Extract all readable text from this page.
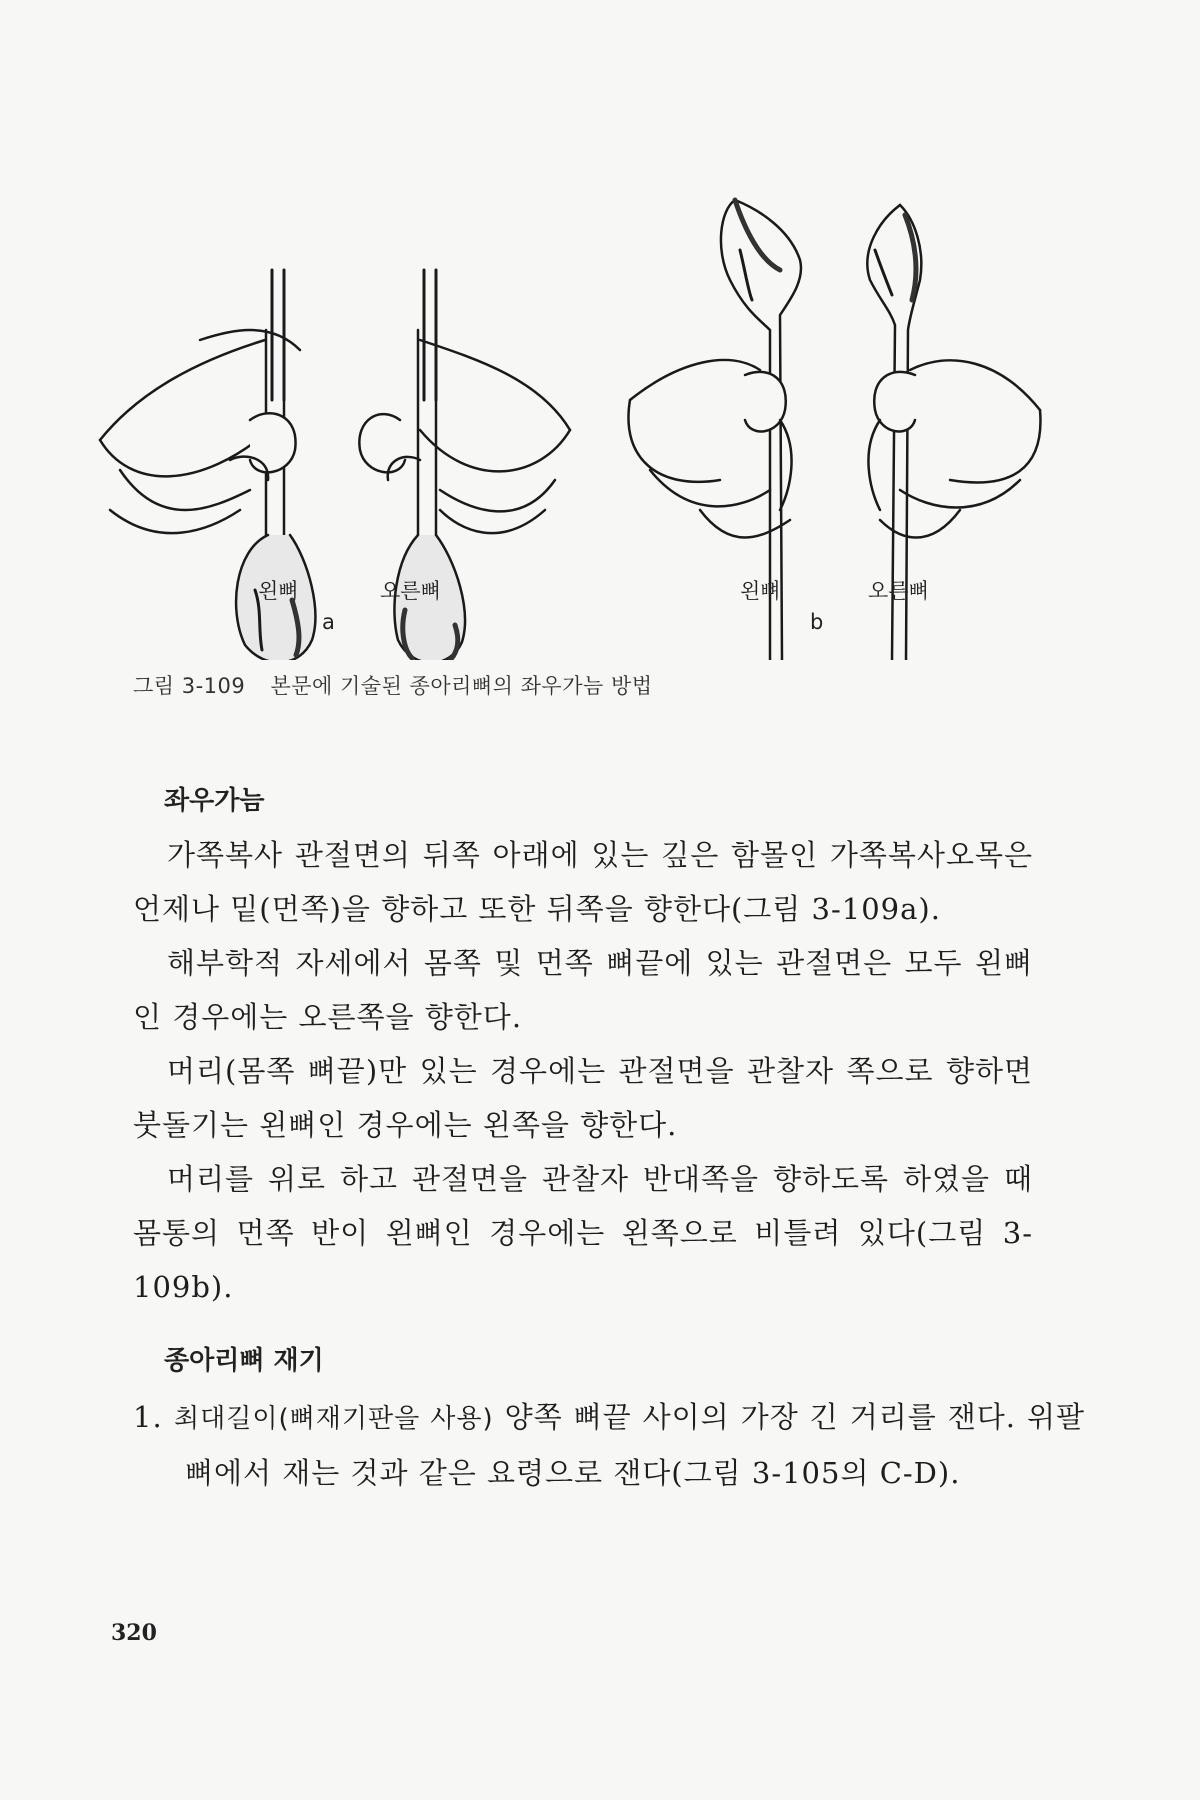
왼뼈	오른뼈
a
왼뼈	오른뼈
b
그림 3-109 본문에 기술된 종아리뼈의 좌우가늠 방법
좌우가늠

가쪽복사 관절면의 뒤쪽 아래에 있는 깊은 함몰인 가쪽복사오목은 언제나 밑(먼쪽)을 향하고 또한 뒤쪽을 향한다(그림 3-109a).

해부학적 자세에서 몸쪽 및 먼쪽 뼈끝에 있는 관절면은 모두 왼뼈인 경우에는 오른쪽을 향한다.

머리(몸쪽 뼈끝)만 있는 경우에는 관절면을 관찰자 쪽으로 향하면 붓돌기는 왼뼈인 경우에는 왼쪽을 향한다.

머리를 위로 하고 관절면을 관찰자 반대쪽을 향하도록 하였을 때 몸통의 먼쪽 반이 왼뼈인 경우에는 왼쪽으로 비틀려 있다(그림 3-109b).

종아리뼈 재기

1. 최대길이(뼈재기판을 사용) 양쪽 뼈끝 사이의 가장 긴 거리를 잰다. 위팔뼈에서 재는 것과 같은 요령으로 잰다(그림 3-105의 C-D).

320
